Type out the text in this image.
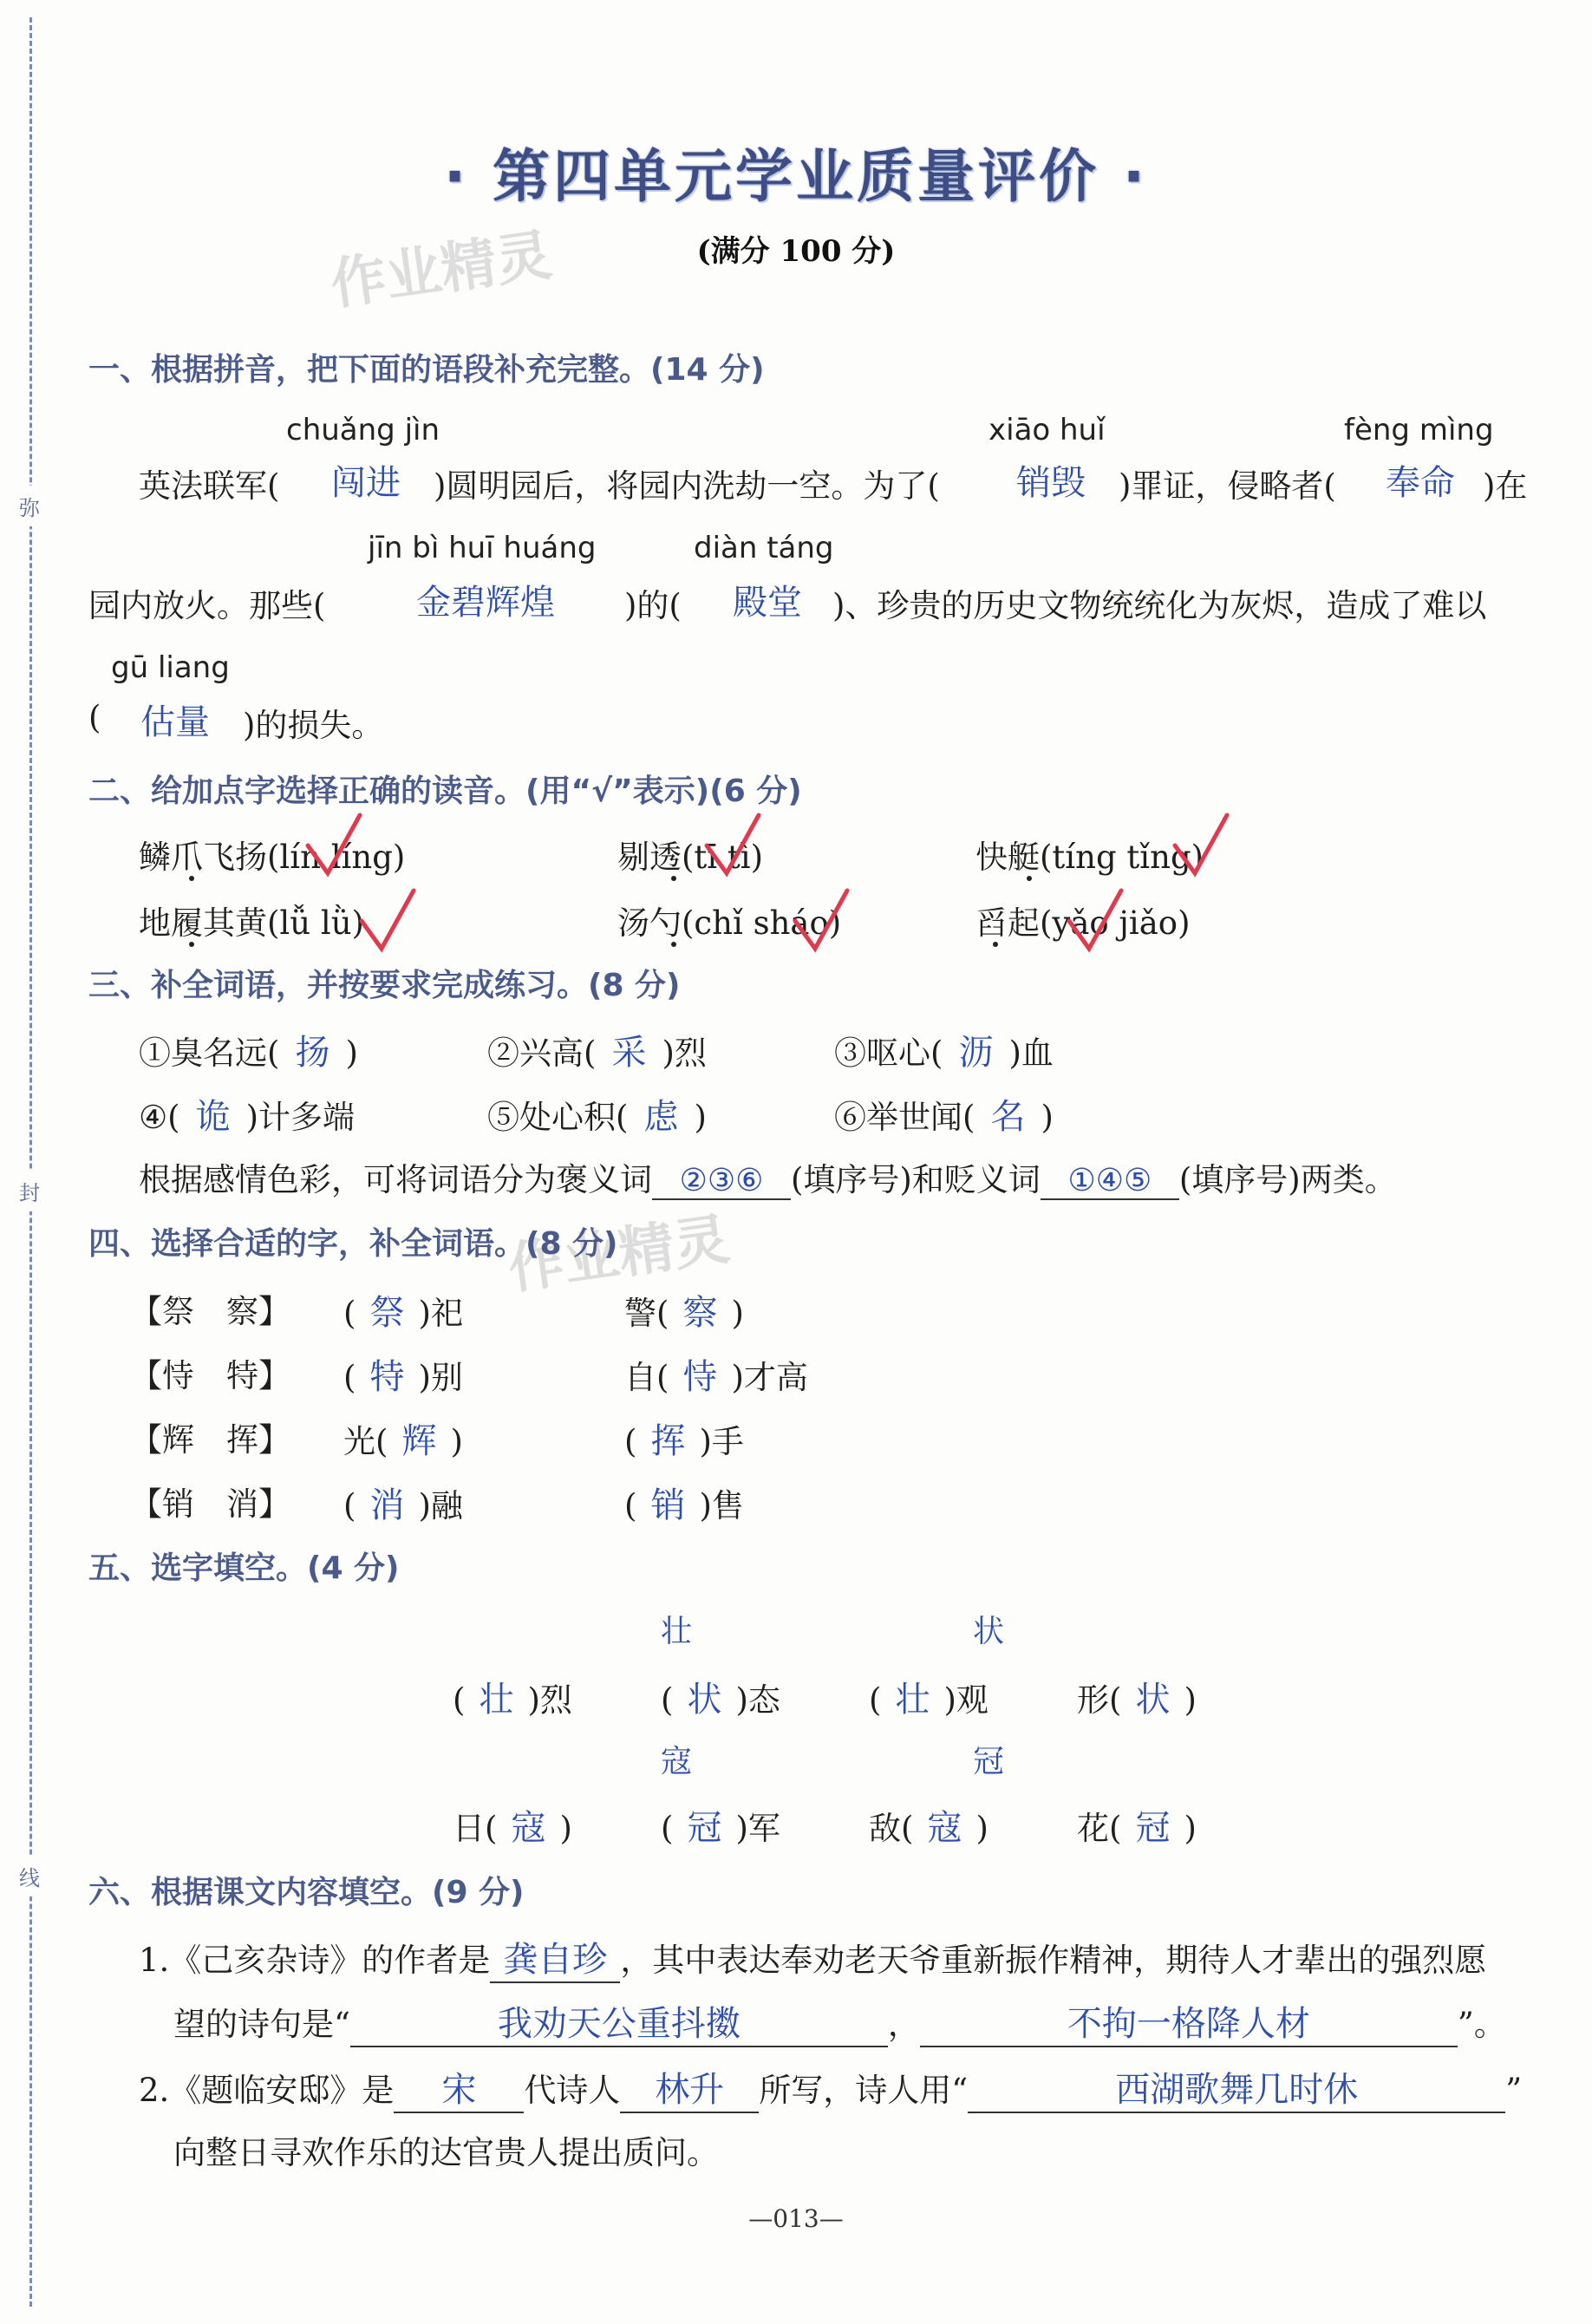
弥
封
线
· 第四单元学业质量评价 ·
(满分 100 分)
作业精灵
作业精灵
一、根据拼音，把下面的语段补充完整。(14 分)
chuǎng jìn	xiāo huǐ	fèng mìng
英法联军( 闯进 )圆明园后，将园内洗劫一空。为了( 销毁 )罪证，侵略者( 奉命 )在
jīn bì huī huáng	diàn táng
园内放火。那些(	金碧辉煌 )的( 殿堂 )、珍贵的历史文物统统化为灰烬，造成了难以
gū liang
( 估量 )的损失。
二、给加点字选择正确的读音。(用“√”表示)(6 分)
鳞爪飞扬(lín líng)	剔透(tī tì)	快艇(tíng tǐng)
地履其黄(lǚ lǜ)	汤勺(chǐ sháo)	舀起(yǎo jiǎo)
三、补全词语，并按要求完成练习。(8 分)
①臭名远( 扬 )	②兴高( 采 )烈	③呕心( 沥 )血
④( 诡 )计多端	⑤处心积( 虑 )	⑥举世闻( 名 )
根据感情色彩，可将词语分为褒义词 ②③⑥ (填序号)和贬义词 ①④⑤ (填序号)两类。
四、选择合适的字，补全词语。(8 分)
【祭　察】 ( 祭 )祀	警( 察 )
【恃　特】 ( 特 )别	自( 恃 )才高
【辉　挥】 光( 辉 )	( 挥 )手
【销　消】 ( 消 )融	( 销 )售
五、选字填空。(4 分)
壮	状
寇	冠
( 壮 )烈	( 状 )态	( 壮 )观	形( 状 )
日( 寇 )	( 冠 )军	敌( 寇 )	花( 冠 )
六、根据课文内容填空。(9 分)
1.《己亥杂诗》的作者是 龚自珍 ，其中表达奉劝老天爷重新振作精神，期待人才辈出的强烈愿
望的诗句是“	我劝天公重抖擞	，	不拘一格降人材	”。
2.《题临安邸》是 宋 代诗人 林升 所写，诗人用“	西湖歌舞几时休	”
向整日寻欢作乐的达官贵人提出质问。
—013—
